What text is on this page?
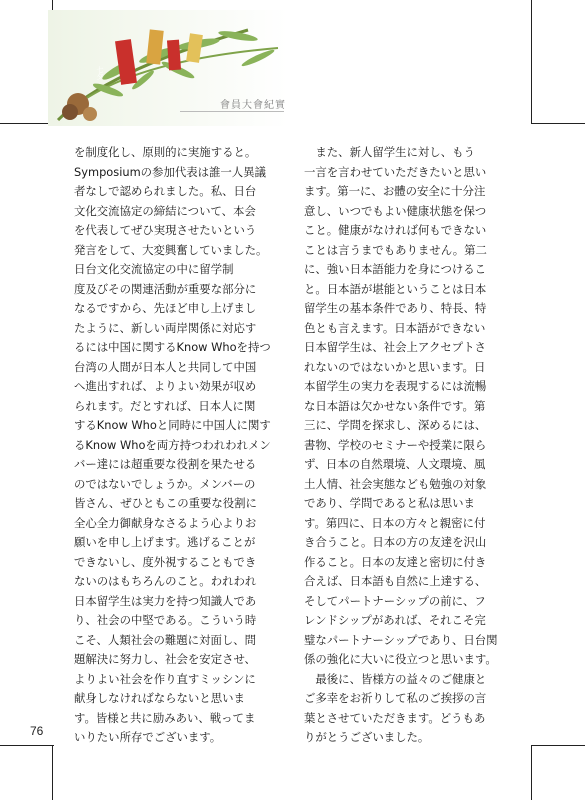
七夕
會員大會紀實

を制度化し、原則的に実施すると。
Symposiumの参加代表は誰一人異議
者なしで認められました。私、日台
文化交流協定の締結について、本会
を代表してぜひ実現させたいという
発言をして、大変興奮していました。
日台文化交流協定の中に留学制
度及びその関連活動が重要な部分に
なるですから、先ほど申し上げまし
たように、新しい両岸関係に対応す
るには中国に関するKnow Whoを持つ
台湾の人間が日本人と共同して中国
へ進出すれば、よりよい効果が収め
られます。だとすれば、日本人に関
するKnow Whoと同時に中国人に関す
るKnow Whoを両方持つわれわれメン
バー達には超重要な役割を果たせる
のではないでしょうか。メンバーの
皆さん、ぜひともこの重要な役割に
全心全力御献身なさるよう心よりお
願いを申し上げます。逃げることが
できないし、度外視することもでき
ないのはもちろんのこと。われわれ
日本留学生は実力を持つ知識人であ
り、社会の中堅である。こういう時
こそ、人類社会の難題に対面し、問
題解決に努力し、社会を安定させ、
よりよい社会を作り直すミッシンに
献身しなければならないと思いま
す。皆様と共に励みあい、戦ってま
いりたい所存でございます。

　また、新人留学生に対し、もう
一言を言わせていただきたいと思い
ます。第一に、お體の安全に十分注
意し、いつでもよい健康状態を保つ
こと。健康がなければ何もできない
ことは言うまでもありません。第二
に、強い日本語能力を身につけるこ
と。日本語が堪能ということは日本
留学生の基本条件であり、特長、特
色とも言えます。日本語ができない
日本留学生は、社会上アクセプトさ
れないのではないかと思います。日
本留学生の実力を表現するには流暢
な日本語は欠かせない条件です。第
三に、学問を探求し、深めるには、
書物、学校のセミナーや授業に限ら
ず、日本の自然環境、人文環境、風
土人情、社会実態なども勉強の対象
であり、学問であると私は思いま
す。第四に、日本の方々と親密に付
き合うこと。日本の方の友達を沢山
作ること。日本の友達と密切に付き
合えば、日本語も自然に上達する、
そしてパートナーシップの前に、フ
レンドシップがあれば、それこそ完
璧なパートナーシップであり、日台関
係の強化に大いに役立つと思います。
　最後に、皆様方の益々のご健康と
ご多幸をお祈りして私のご挨拶の言
葉とさせていただきます。どうもあ
りがとうございました。

76
